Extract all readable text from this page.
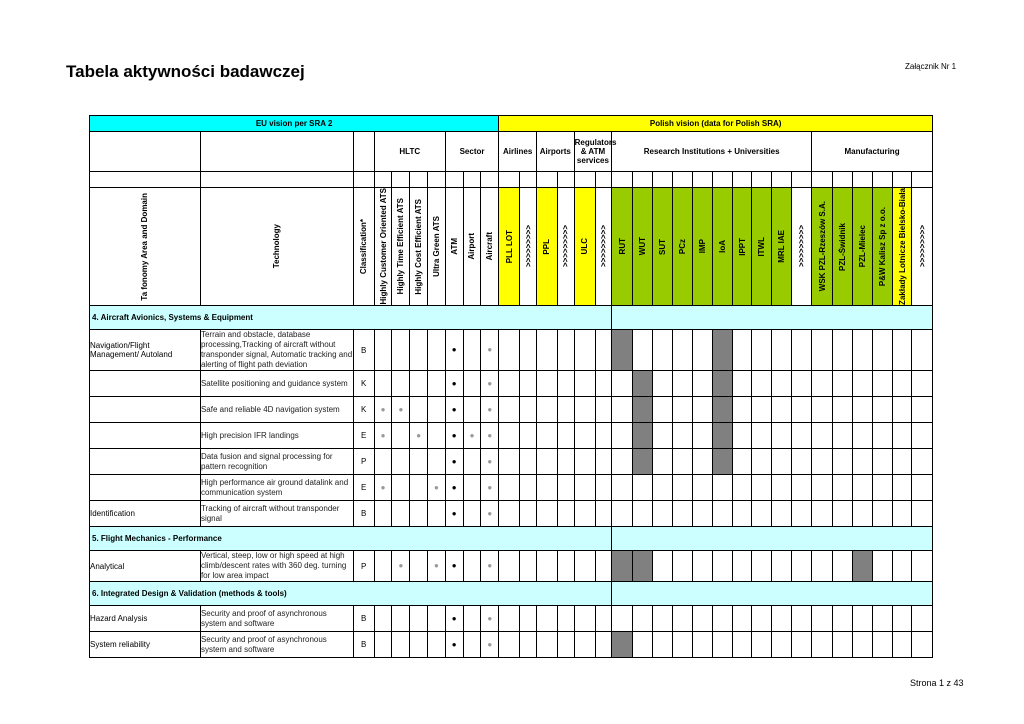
Tabela aktywności badawczej	Załącznik Nr 1
Strona 1 z 43
EU vision per SRA 2										Polish vision (data for Polish SRA)																					
			HLTC				Sector			Airlines		Airports		Regulators & ATM services		Research Institutions + Universities										Manufacturing					

Ta fonomy Area and Domain	Technology	Classification*	Highly Customer Oriented ATS	Highly Time Efficient ATS	Highly Cost Efficient ATS	Ultra Green ATS	ATM	Airport	Aircraft	PLL LOT	>>>>>>>>>	PPL	>>>>>>>>>	ULC	>>>>>>>>>	RUT	WUT	SUT	PCz	IMP	IoA	IPPT	ITWL	MRL IAE	>>>>>>>>>	WSK PZL-Rzeszów S.A.	PZL-Świdnik	PZL-Mielec	P&W Kalisz Sp z o.o.	Zakłady Lotnicze Bielsko-Biała	>>>>>>>>>

4. Aircraft Avionics, Systems & Equipment																															
Navigation/Flight Management/ Autoland	Terrain and obstacle, database processing,Tracking of aircraft without transponder signal, Automatic tracking and alerting of flight path deviation	B					●		●																						
	Satellite positioning and guidance system	K					●		●																						
	Safe and reliable 4D navigation system	K	●	●			●		●																						
	High precision IFR landings	E	●		●		●	●	●																						
	Data fusion and signal processing for pattern recognition	P					●		●																						
	High performance air ground datalink and communication system	E	●			●	●		●																						
Identification	Tracking of aircraft without transponder signal	B					●		●																						
5. Flight Mechanics - Performance																															
Analytical	Vertical, steep, low or high speed at high climb/descent rates with 360 deg. turning for low area impact	P		●		●	●		●																						
6. Integrated Design & Validation (methods & tools)																															
Hazard Analysis	Security and proof of asynchronous system and software	B					●		●																						
System reliability	Security and proof of asynchronous system and software	B					●		●																						
